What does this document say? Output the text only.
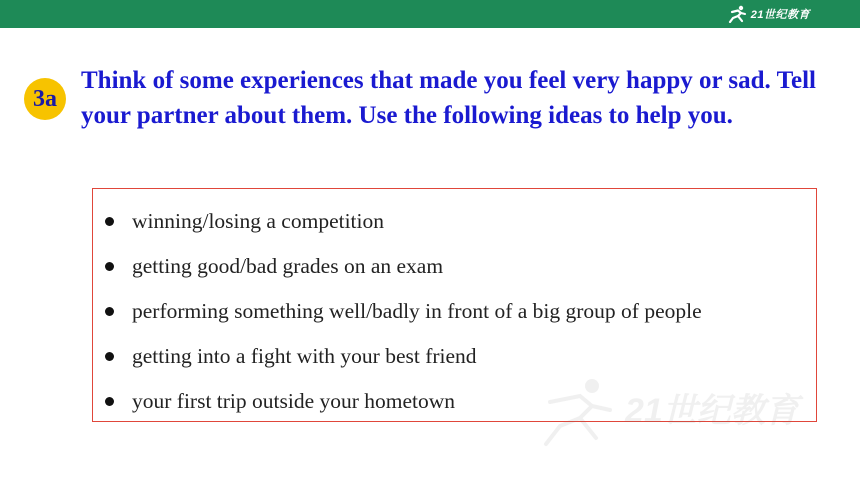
21世纪教育
3a

Think of some experiences that made you feel very happy or sad. Tell your partner about them. Use the following ideas to help you.

winning/losing a competition
getting good/bad grades on an exam
performing something well/badly in front of a big group of people
getting into a fight with your best friend
your first trip outside your hometown	21世纪教育
